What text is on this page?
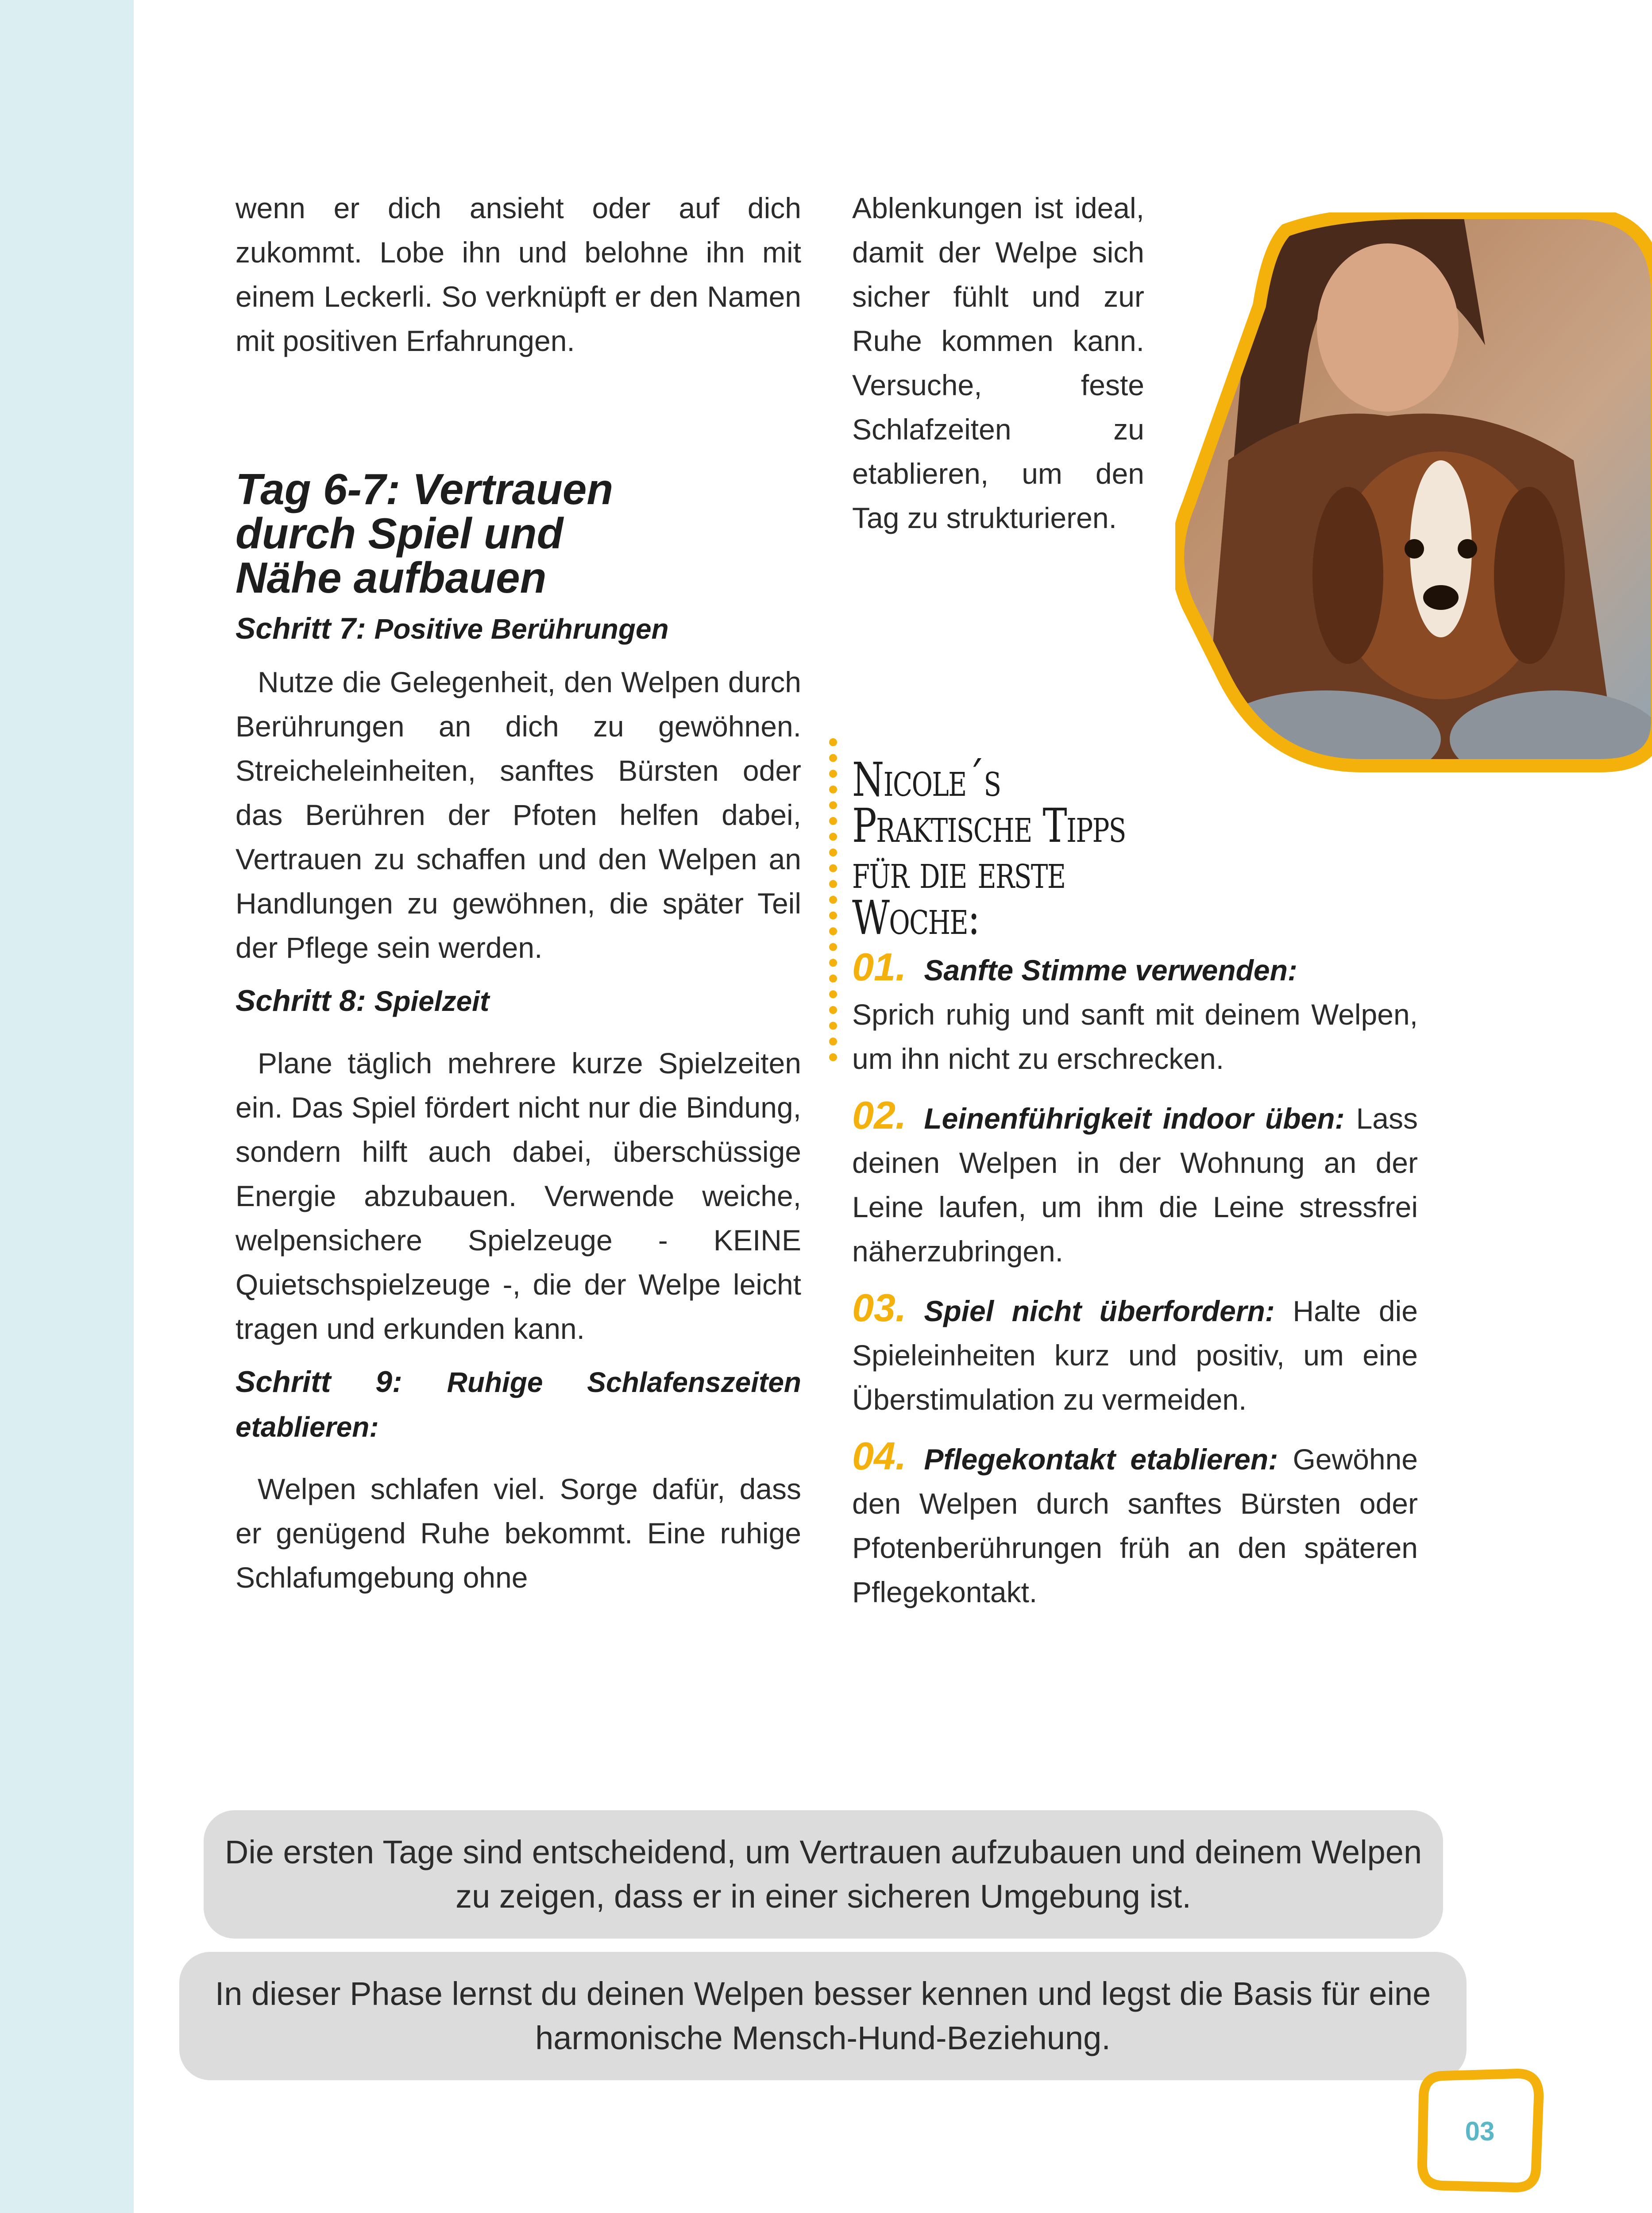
wenn er dich ansieht oder auf dich zukommt. Lobe ihn und belohne ihn mit einem Leckerli. So verknüpft er den Namen mit positiven Erfahrungen.

Tag 6-7: Vertrauen
durch Spiel und
Nähe aufbauen

Schritt 7: Positive Berührungen

Nutze die Gelegenheit, den Welpen durch Berührungen an dich zu gewöhnen. Streicheleinheiten, sanftes Bürsten oder das Berühren der Pfoten helfen dabei, Vertrauen zu schaffen und den Welpen an Handlungen zu gewöhnen, die später Teil der Pflege sein werden.

Schritt 8: Spielzeit

Plane täglich mehrere kurze Spielzeiten ein. Das Spiel fördert nicht nur die Bindung, sondern hilft auch dabei, überschüssige Energie abzubauen. Verwende weiche, welpensichere Spielzeuge - KEINE Quietschspielzeuge -, die der Welpe leicht tragen und erkunden kann.

Schritt 9: Ruhige Schlafenszeiten etablieren:

Welpen schlafen viel. Sorge dafür, dass er genügend Ruhe bekommt. Eine ruhige Schlafumgebung ohne

Ablenkungen ist ideal, damit der Welpe sich sicher fühlt und zur Ruhe kommen kann. Versuche, feste Schlafzeiten zu etablieren, um den Tag zu strukturieren.

Nicole´s
Praktische Tipps
für die erste Woche:

01. Sanfte Stimme verwenden:
Sprich ruhig und sanft mit deinem Welpen, um ihn nicht zu erschrecken.

02. Leinenführigkeit indoor üben: Lass deinen Welpen in der Wohnung an der Leine laufen, um ihm die Leine stressfrei näherzubringen.

03. Spiel nicht überfordern: Halte die Spieleinheiten kurz und positiv, um eine Überstimulation zu vermeiden.

04. Pflegekontakt etablieren: Gewöhne den Welpen durch sanftes Bürsten oder Pfotenberührungen früh an den späteren Pflegekontakt.

Die ersten Tage sind entscheidend, um Vertrauen aufzubauen und deinem Welpen zu zeigen, dass er in einer sicheren Umgebung ist.
In dieser Phase lernst du deinen Welpen besser kennen und legst die Basis für eine harmonische Mensch-Hund-Beziehung.
03
